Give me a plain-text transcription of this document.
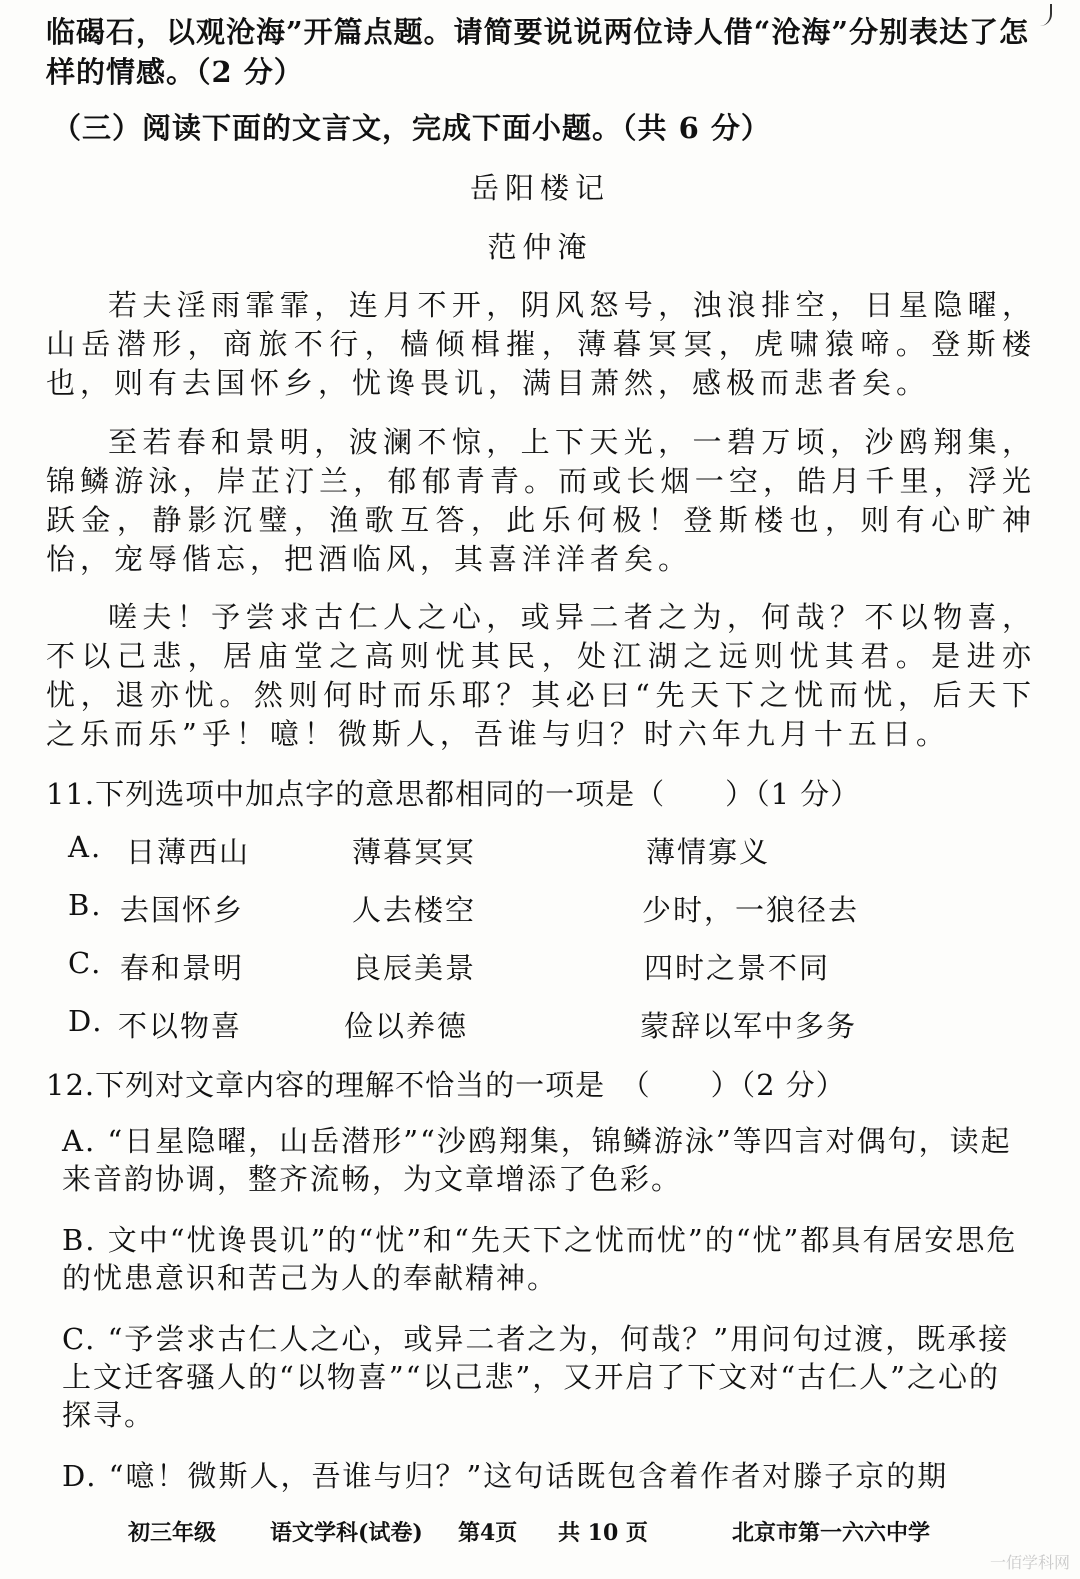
临碣石，以观沧海”开篇点题。请简要说说两位诗人借“沧海”分别表达了怎
样的情感。（2 分）
（三）阅读下面的文言文，完成下面小题。（共 6 分）
岳阳楼记
范仲淹
若夫淫雨霏霏，连月不开，阴风怒号，浊浪排空，日星隐曜，山岳潜形，商旅不行，樯倾楫摧，薄暮冥冥，虎啸猿啼。登斯楼也，则有去国怀乡，忧谗畏讥，满目萧然，感极而悲者矣。
至若春和景明，波澜不惊，上下天光，一碧万顷，沙鸥翔集，锦鳞游泳，岸芷汀兰，郁郁青青。而或长烟一空，皓月千里，浮光跃金，静影沉璧，渔歌互答，此乐何极！登斯楼也，则有心旷神怡，宠辱偕忘，把酒临风，其喜洋洋者矣。
嗟夫！予尝求古仁人之心，或异二者之为，何哉？不以物喜，不以己悲，居庙堂之高则忧其民，处江湖之远则忧其君。是进亦忧，退亦忧。然则何时而乐耶？其必曰“先天下之忧而忧，后天下之乐而乐”乎！噫！微斯人，吾谁与归？时六年九月十五日。
11.下列选项中加点字的意思都相同的一项是（　　）（1 分）
A. 日薄西山	薄暮冥冥	薄情寡义
B. 去国怀乡	人去楼空	少时，一狼径去
C. 春和景明	良辰美景	四时之景不同
D. 不以物喜	俭以养德	蒙辞以军中多务
12.下列对文章内容的理解不恰当的一项是　（　　）（2 分）
A. “日星隐曜，山岳潜形”“沙鸥翔集，锦鳞游泳”等四言对偶句，读起来音韵协调，整齐流畅，为文章增添了色彩。
B. 文中“忧谗畏讥”的“忧”和“先天下之忧而忧”的“忧”都具有居安思危的忧患意识和苦己为人的奉献精神。
C. “予尝求古仁人之心，或异二者之为，何哉？”用问句过渡，既承接上文迁客骚人的“以物喜”“以己悲”，又开启了下文对“古仁人”之心的探寻。
D. “噫！微斯人，吾谁与归？”这句话既包含着作者对滕子京的期
初三年级 语文学科(试卷) 第4页 共 10 页	北京市第一六六中学
一佰学科网
